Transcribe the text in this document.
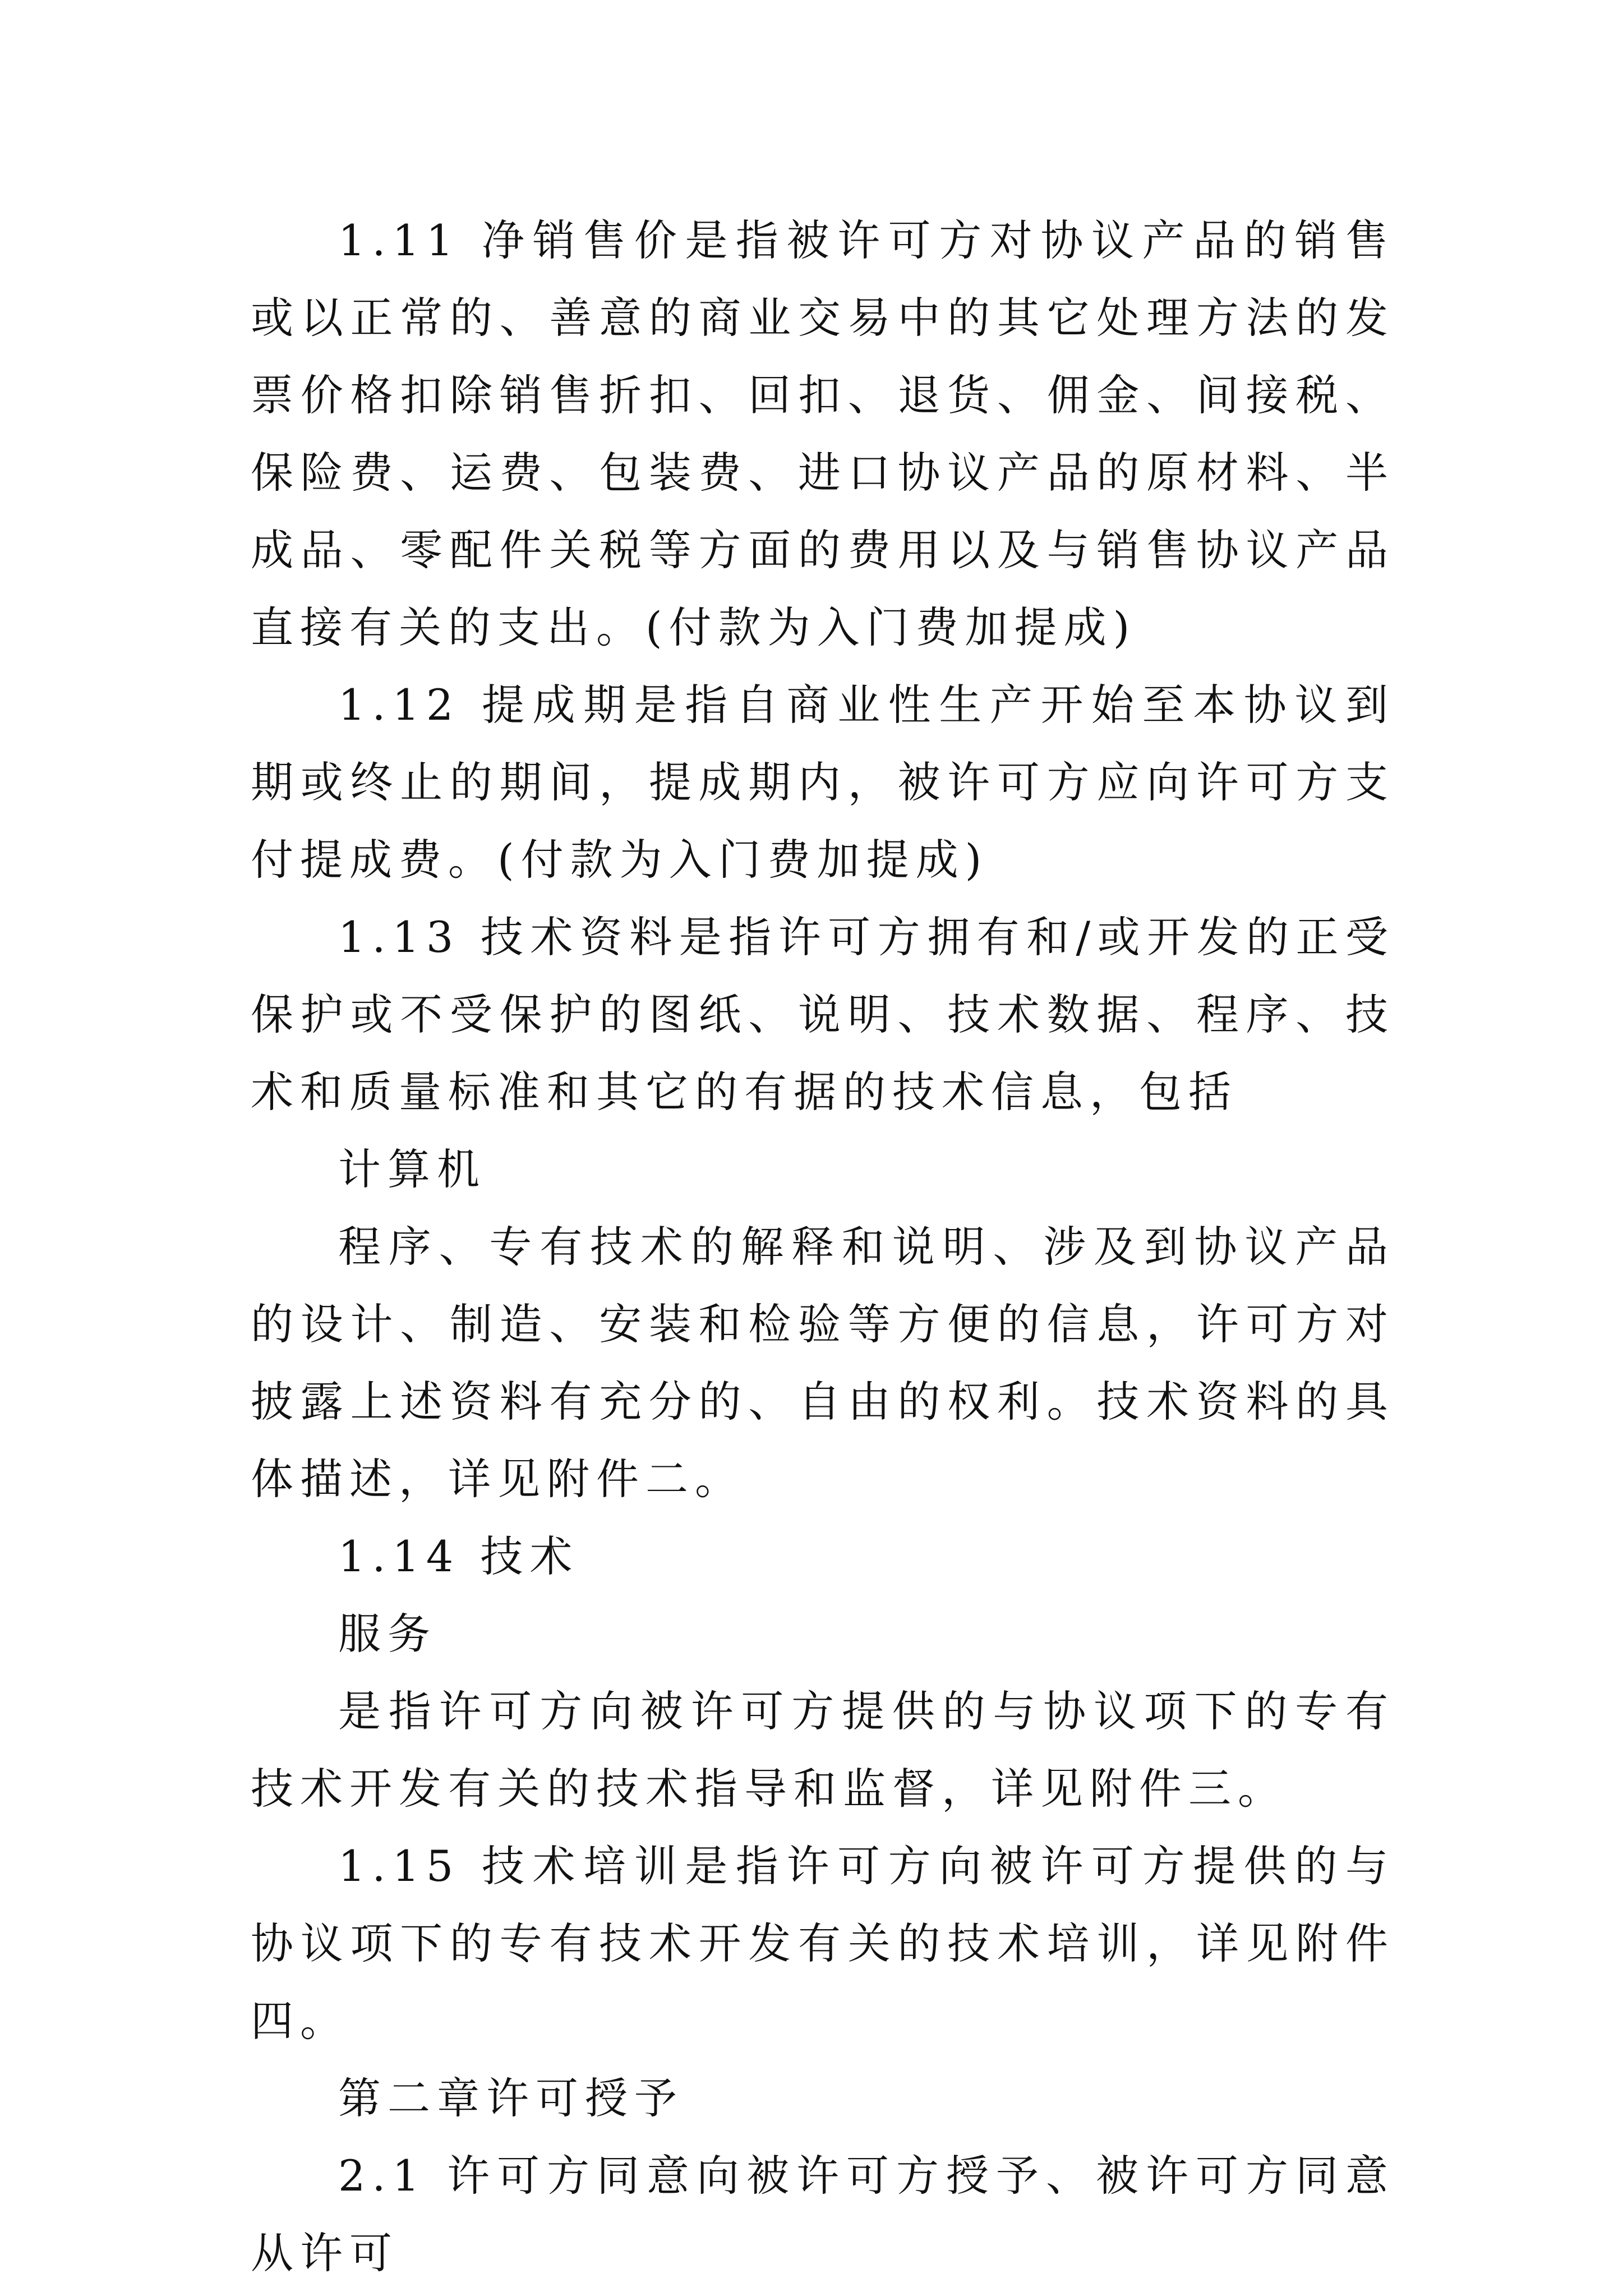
1.11 净销售价是指被许可方对协议产品的销售或以正常的、善意的商业交易中的其它处理方法的发票价格扣除销售折扣、回扣、退货、佣金、间接税、保险费、运费、包装费、进口协议产品的原材料、半成品、零配件关税等方面的费用以及与销售协议产品直接有关的支出。(付款为入门费加提成)

1.12 提成期是指自商业性生产开始至本协议到期或终止的期间，提成期内，被许可方应向许可方支付提成费。(付款为入门费加提成)

1.13 技术资料是指许可方拥有和/或开发的正受保护或不受保护的图纸、说明、技术数据、程序、技术和质量标准和其它的有据的技术信息，包括

计算机

程序、专有技术的解释和说明、涉及到协议产品的设计、制造、安装和检验等方便的信息，许可方对披露上述资料有充分的、自由的权利。技术资料的具体描述，详见附件二。

1.14 技术

服务

是指许可方向被许可方提供的与协议项下的专有技术开发有关的技术指导和监督，详见附件三。

1.15 技术培训是指许可方向被许可方提供的与协议项下的专有技术开发有关的技术培训，详见附件四。

第二章许可授予

2.1 许可方同意向被许可方授予、被许可方同意从许可
